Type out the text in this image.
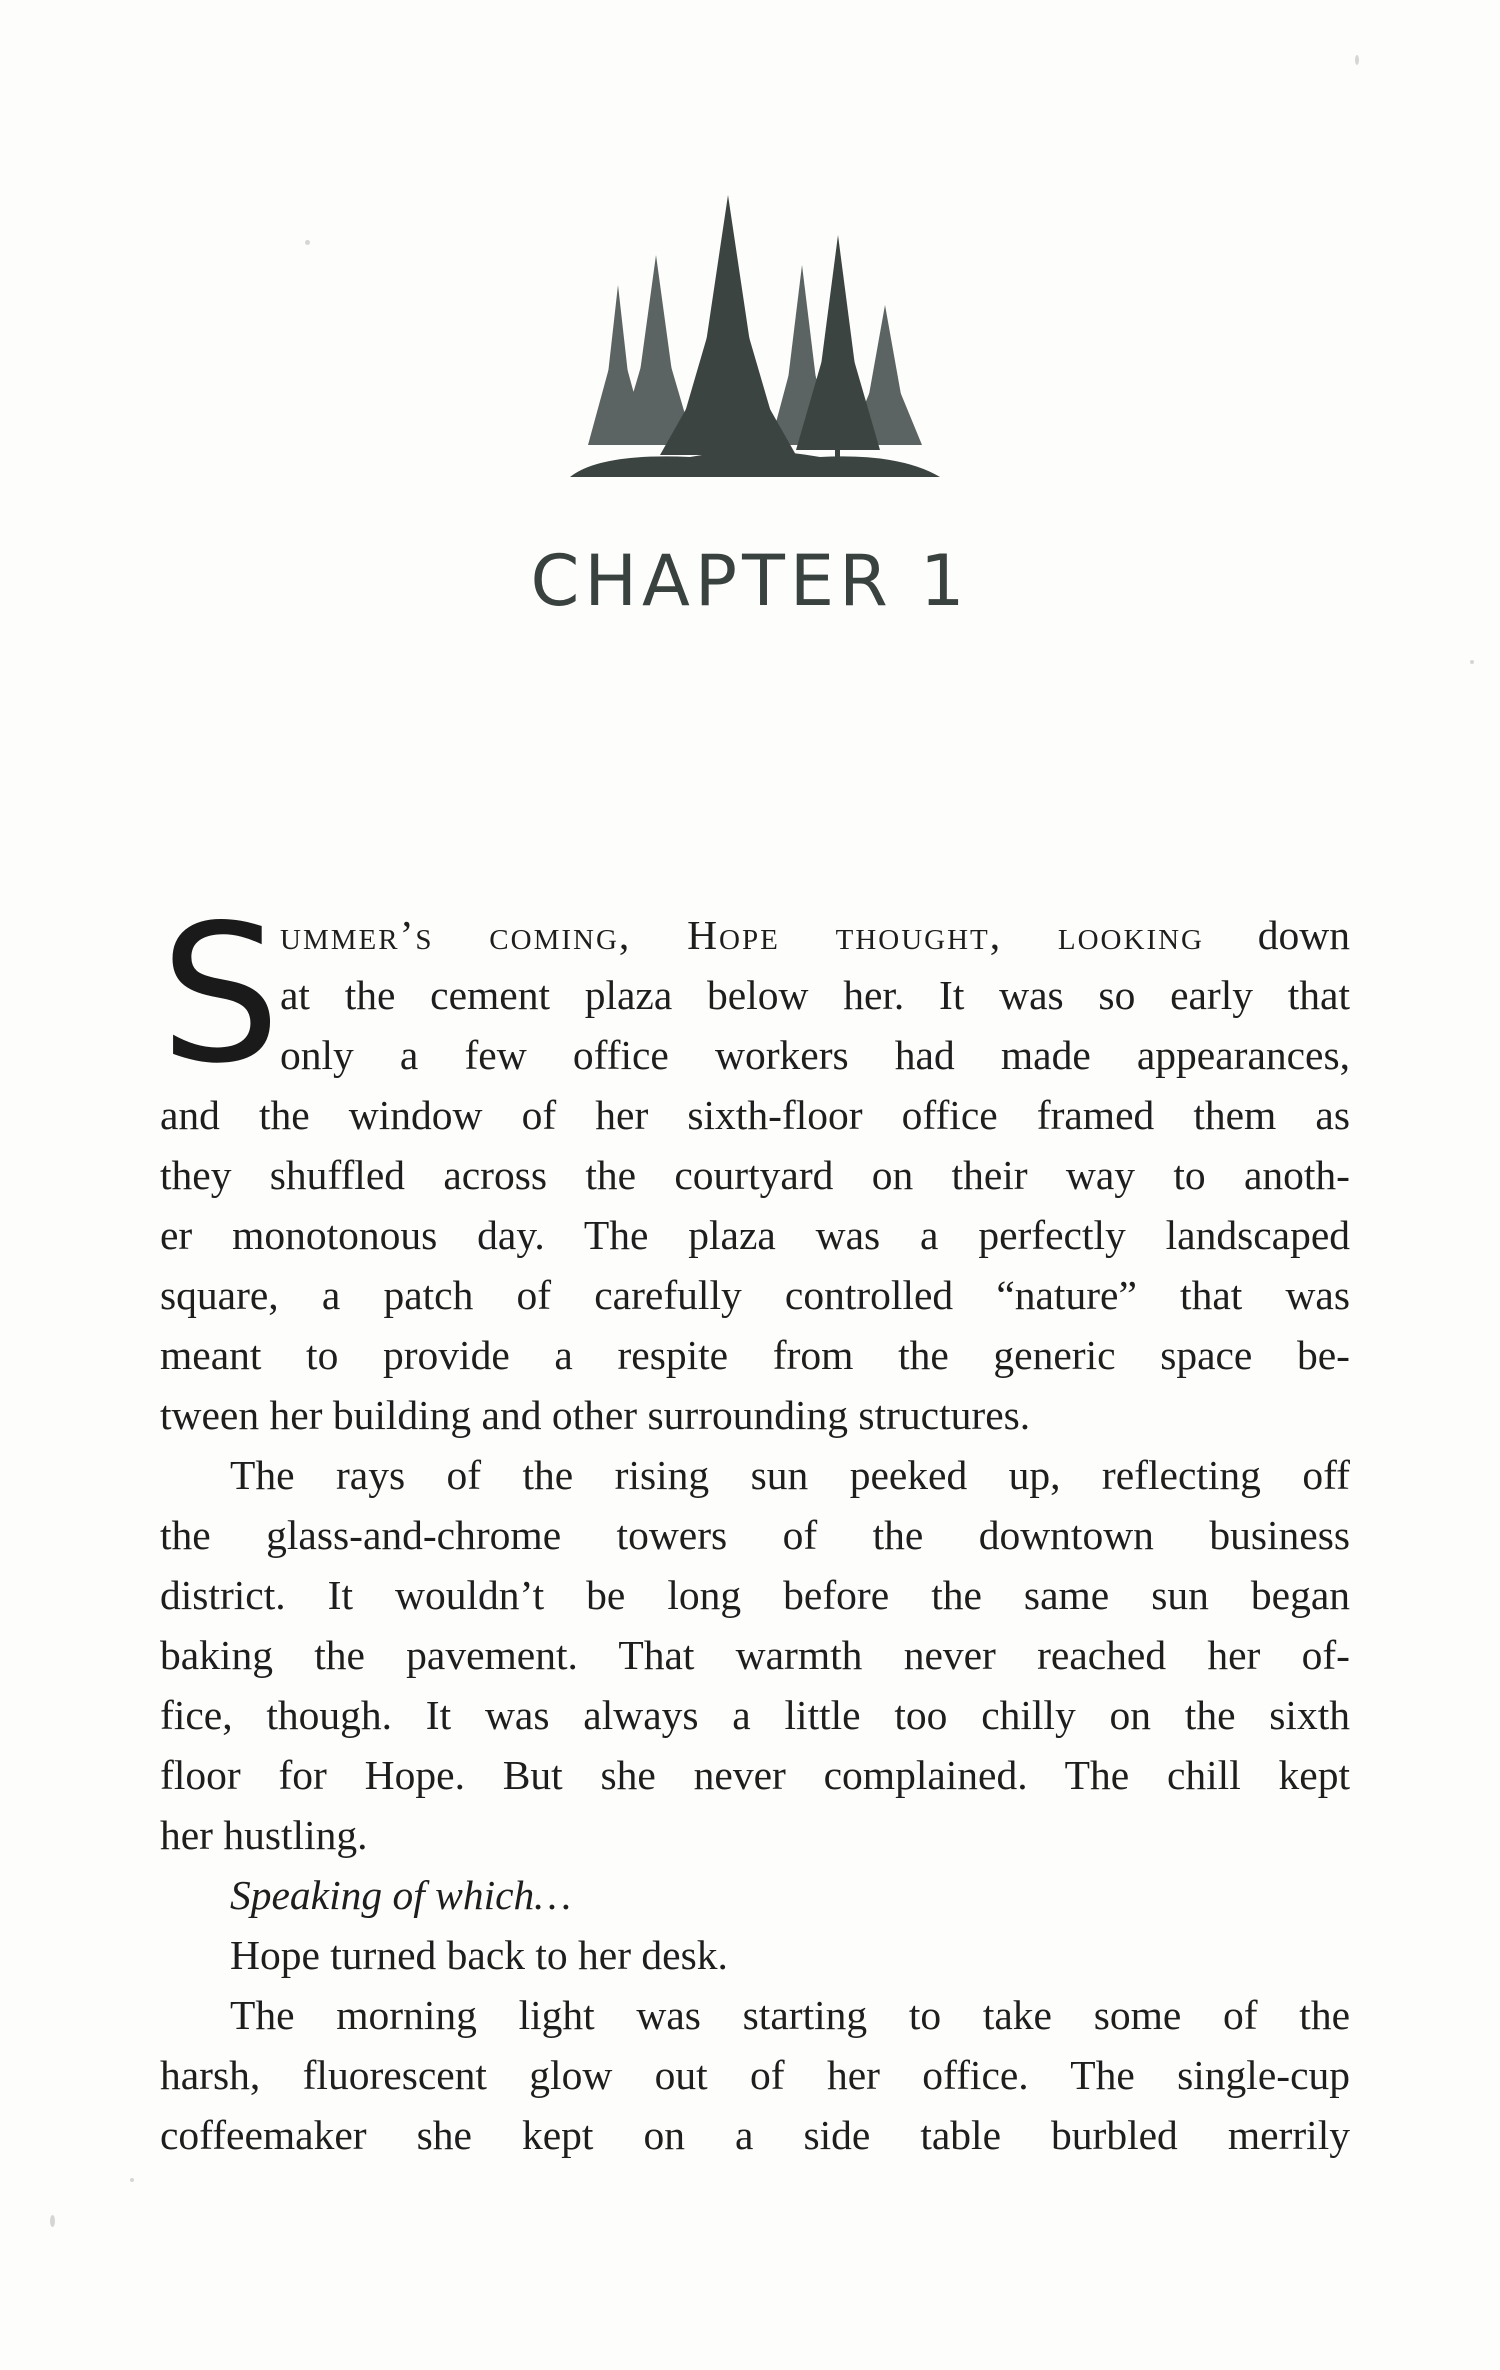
CHAPTER 1
S ummer’s coming, Hope thought, looking down
at the cement plaza below her. It was so early that
only a few office workers had made appearances,
and the window of her sixth-floor office framed them as
they shuffled across the courtyard on their way to anoth-
er monotonous day. The plaza was a perfectly landscaped
square, a patch of carefully controlled “nature” that was
meant to provide a respite from the generic space be-
tween her building and other surrounding structures.
The rays of the rising sun peeked up, reflecting off
the glass-and-chrome towers of the downtown business
district. It wouldn’t be long before the same sun began
baking the pavement. That warmth never reached her of-
fice, though. It was always a little too chilly on the sixth
floor for Hope. But she never complained. The chill kept
her hustling.
Speaking of which…
Hope turned back to her desk.
The morning light was starting to take some of the
harsh, fluorescent glow out of her office. The single-cup
coffeemaker she kept on a side table burbled merrily
